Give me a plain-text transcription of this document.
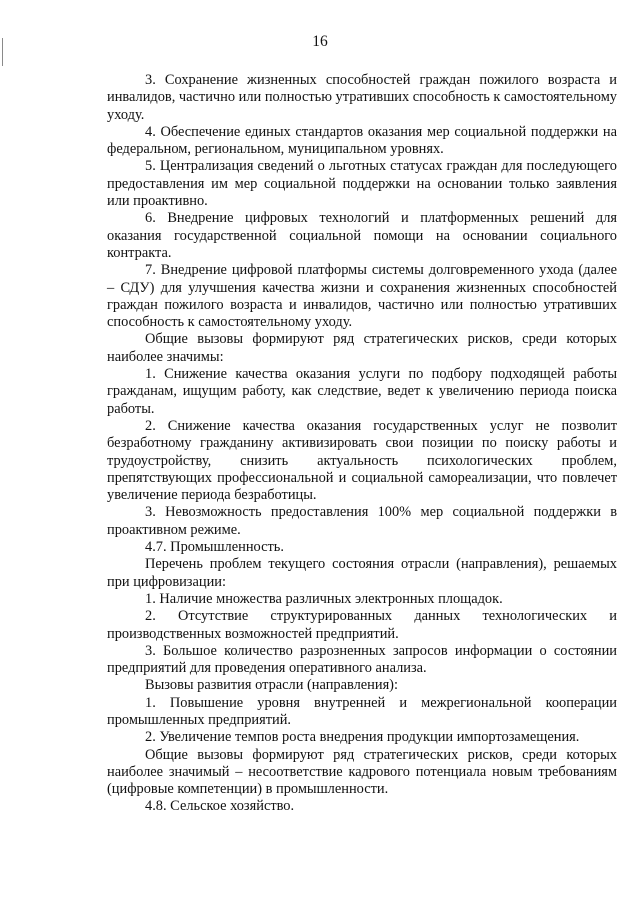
16

3. Сохранение жизненных способностей граждан пожилого возраста и инвалидов, частично или полностью утративших способность к самостоятельному уходу.

4. Обеспечение единых стандартов оказания мер социальной поддержки на федеральном, региональном, муниципальном уровнях.

5. Централизация сведений о льготных статусах граждан для последующего предоставления им мер социальной поддержки на основании только заявления или проактивно.

6. Внедрение цифровых технологий и платформенных решений для оказания государственной социальной помощи на основании социального контракта.

7. Внедрение цифровой платформы системы долговременного ухода (далее – СДУ) для улучшения качества жизни и сохранения жизненных способностей граждан пожилого возраста и инвалидов, частично или полностью утративших способность к самостоятельному уходу.

Общие вызовы формируют ряд стратегических рисков, среди которых наиболее значимы:

1. Снижение качества оказания услуги по подбору подходящей работы гражданам, ищущим работу, как следствие, ведет к увеличению периода поиска работы.

2. Снижение качества оказания государственных услуг не позволит безработному гражданину активизировать свои позиции по поиску работы и трудоустройству, снизить актуальность психологических проблем, препятствующих профессиональной и социальной самореализации, что повлечет увеличение периода безработицы.

3. Невозможность предоставления 100% мер социальной поддержки в проактивном режиме.

4.7. Промышленность.

Перечень проблем текущего состояния отрасли (направления), решаемых при цифровизации:

1. Наличие множества различных электронных площадок.

2. Отсутствие структурированных данных технологических и производственных возможностей предприятий.

3. Большое количество разрозненных запросов информации о состоянии предприятий для проведения оперативного анализа.

Вызовы развития отрасли (направления):

1. Повышение уровня внутренней и межрегиональной кооперации промышленных предприятий.

2. Увеличение темпов роста внедрения продукции импортозамещения.

Общие вызовы формируют ряд стратегических рисков, среди которых наиболее значимый – несоответствие кадрового потенциала новым требованиям (цифровые компетенции) в промышленности.

4.8. Сельское хозяйство.
